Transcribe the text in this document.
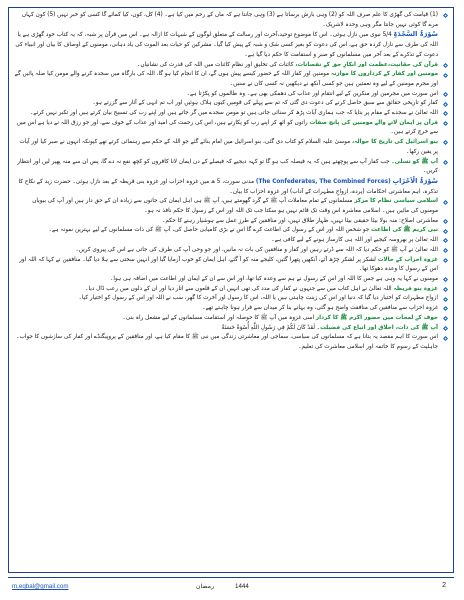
(1) قیامت کی گھڑی کا علم صرف اللہ کو (2) وہی بارش برساتا ہے (3) وہی جانتا ہے کہ ماں کے رحم میں کیا ہے۔ (4) کل، کون، کیا کمائے گا کسی کو خبر نہیں (5) کون کہاں مرے گا کوئی نہیں جانتا مگر وہی وحدہ لاشریک۔

سُوْرَۃُ السَّجْدَۃِ 5/4 نبوی میں نازل ہوئی۔ اس کا موضوع توحید،آخرت اور رسالت کے متعلق لوگوں کے شبہات کا ازالہ ہے۔ اس میں قرآن پر شبہ، کہ یہ کتاب خود گھڑی ہے یا اللہ کی طرف سے نازل کردہ حق ہے، اس کی دعوت کو بغیر کسی شک و شبہ کے پیش کیا گیا۔ مشرکین کو حیات بعد الموت کی یاد دہانی، مومنوں کے اوصاف کا بیان اور انبیاء کی دعوت کے تذکرے کے بعد آخر میں مسلمانوں کو صبر و استقامت کا حکم دیا گیا ہے۔

قرآن کی حقانیت،عظمت اور انکارِ حق کے نقصانات، کائنات کی تخلیق اور نظامِ کائنات میں اللہ کی قدرت کی نشانیاں۔

مومنین اور کفار کے کرداروں کا موازنہ مومنین اور کفار اللہ کے حضور کیسے پیش ہوں گے، ان کا انجام کیا ہو گا، اللہ کی بارگاہ میں سجدہ کرنے والے مومن کیا صلہ پائیں گے اور مجرم مومنین کے لیے وہ نعمتیں ہیں جو کسی آنکھ نے دیکھیں نہ کسی کان نے سنیں۔

اس سورت میں مجرمین اور منکرین کے لیے انتقام اور عذاب کی دھمکی بھی ہے۔ وہ ظالموں کو پکڑتا ہے۔

کفار کو تاریخی حقائق سے سبق حاصل کرنے کی دعوت دی گئی کہ تم سے پہلے کی قومیں کیوں ہلاک ہوئیں اور اب تم انہی کے آثار سے گزرتے ہو۔

اللہ تعالیٰ نے سجدے کے مقام پر بتایا کہ جب ہماری آیات پڑھ کر سنائی جاتی ہیں تو مومن سجدے میں گر جاتے ہیں اور اپنے رب کی تسبیح بیان کرتے ہیں اور تکبر نہیں کرتے۔

قرآن پر ایمان لانے والے مومنین کی پانچ صفات راتوں کو اٹھ کر اپنے رب کو پکارتے ہیں، اس کی رحمت کی امید اور عذاب کے خوف سے، اور جو رزق اللہ نے دیا ہے اس میں سے خرچ کرتے ہیں۔

بنو اسرائیل کی تاریخ کا حوالہ، موسیٰ علیہ السلام کو کتاب دی گئی، بنو اسرائیل میں امام بنائے گئے جو اللہ کے حکم سے رہنمائی کرتے تھے کیونکہ انہوں نے صبر کیا اور آیات پر یقین رکھا۔

آپ ﷺ کو تسلی۔ جب کفار آپ سے پوچھتے ہیں کہ یہ فیصلہ کب ہو گا تو کہہ دیجیے کہ فیصلے کے دن ایمان لانا کافروں کو کچھ نفع نہ دے گا، پس ان سے منہ پھیر لیں اور انتظار کریں۔

سُوْرَۃُ الْاَحْزَابِ (The Confederates, The Combined Forces) مدنی سورت، 5 ھ میں غزوہ احزاب اور غزوہ بنی قریظہ کے بعد نازل ہوئی۔ حضرت زید کے نکاح کا تذکرہ، اہم معاشرتی احکامات (پردہ، ازواجِ مطہرات کے آداب) اور غزوہ احزاب کا بیان۔

اسلامی سیاسی نظام کا مرکز مسلمانوں کے تمام معاملات آپ ﷺ کے گرد گھومتے ہیں، آپ ﷺ ہی اہل ایمان کی جانوں سے زیادہ ان کے حق دار ہیں اور آپ کی بیویاں مومنوں کی مائیں ہیں۔ اسلامی معاشرہ اس وقت تک قائم نہیں ہو سکتا جب تک اللہ اور اس کے رسول کا حکم نافذ نہ ہو۔

معاشرتی اصلاح: منہ بولا بیٹا حقیقی بیٹا نہیں، ظہار طلاق نہیں، اور منافقین کے طرزِ عمل سے ہوشیار رہنے کا حکم۔

نبی کریم ﷺ کی اطاعت جو شخص اللہ اور اس کے رسول کی اطاعت کرے گا اس نے بڑی کامیابی حاصل کی، آپ ﷺ کی ذات مسلمانوں کے لیے بہترین نمونہ ہے۔

اللہ تعالیٰ پر بھروسہ کیجیے اور اللہ ہی کارساز ہونے کے لیے کافی ہے۔

اللہ تعالیٰ نے آپ ﷺ کو حکم دیا کہ اللہ سے ڈرتے رہیں اور کفار و منافقین کی بات نہ مانیں، اور جو وحی آپ کی طرف کی جاتی ہے اس کی پیروی کریں۔

غزوہ احزاب کے حالات لشکر پر لشکر چڑھ آئے، آنکھیں پتھرا گئیں، کلیجے منہ کو آ گئے، اہل ایمان کو خوب آزمایا گیا اور انہیں سختی سے ہلا دیا گیا۔ منافقین نے کہا کہ اللہ اور اس کے رسول کا وعدہ دھوکا تھا۔

مومنوں نے کہا یہ وہی ہے جس کا اللہ اور اس کے رسول نے ہم سے وعدہ کیا تھا، اور اس سے ان کے ایمان اور اطاعت میں اضافہ ہی ہوا۔

غزوہ بنو قریظہ اللہ تعالیٰ نے اہل کتاب میں سے جنہوں نے کفار کی مدد کی تھی انہیں ان کے قلعوں سے اتار دیا اور ان کے دلوں میں رعب ڈال دیا۔

ازواج مطہرات کو اختیار دیا گیا کہ دنیا اور اس کی زینت چاہتی ہیں یا اللہ، اس کا رسول اور آخرت کا گھر، سب نے اللہ اور اس کے رسول کو اختیار کیا۔

غزوہ احزاب سے منافقین کی منافقت واضح ہو گئی، وہ بہانے بنا کر میدان سے فرار ہونا چاہتے تھے۔

خوف کے لمحات میں حضور اکرم ﷺ کا کردار اسی غزوہ میں آپ ﷺ کا حوصلہ اور استقامت مسلمانوں کے لیے مشعل راہ بنی۔

آپ ﷺ کی ذات، اخلاق اور اتباع کی فضیلت۔ لَقَدْ كَانَ لَكُمْ فِي رَسُولِ اللَّهِ أُسْوَةٌ حَسَنَةٌ

اس سورت کا اہم مقصد یہ بتانا ہے کہ مسلمانوں کی سیاسی، سماجی اور معاشرتی زندگی میں نبی ﷺ کا مقام کیا ہے، اور منافقین کے پروپیگنڈے اور کفار کی سازشوں کا جواب۔ جاہلیت کے رسوم کا خاتمہ اور اسلامی معاشرت کی تعلیم۔

m.eqbal@gmail.com	رمضان	1444	2
